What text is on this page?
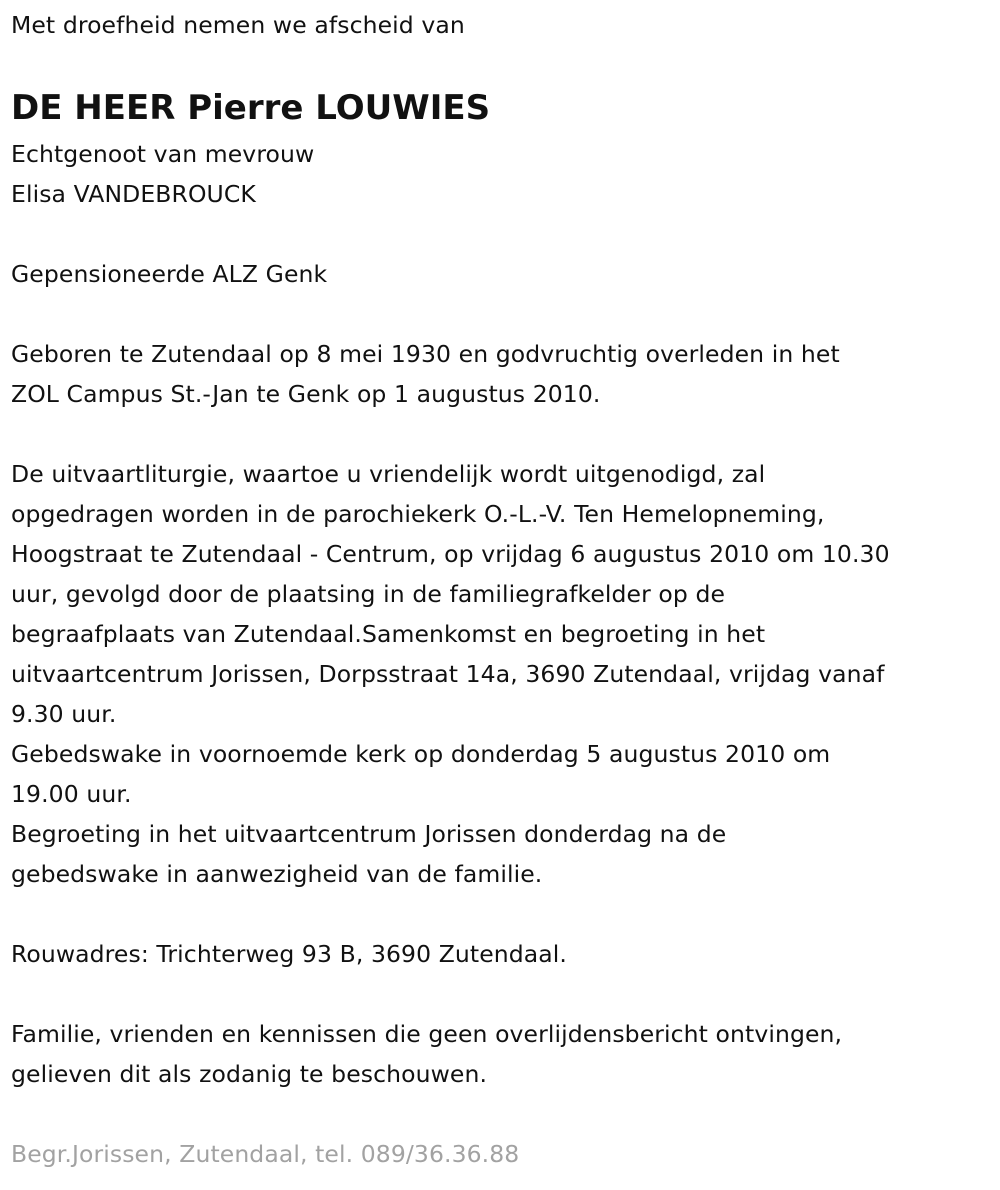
Met droefheid nemen we afscheid van
DE HEER Pierre LOUWIES
Echtgenoot van mevrouw
Elisa VANDEBROUCK
Gepensioneerde ALZ Genk
Geboren te Zutendaal op 8 mei 1930 en godvruchtig overleden in het
ZOL Campus St.-Jan te Genk op 1 augustus 2010.
De uitvaartliturgie, waartoe u vriendelijk wordt uitgenodigd, zal
opgedragen worden in de parochiekerk O.-L.-V. Ten Hemelopneming,
Hoogstraat te Zutendaal - Centrum, op vrijdag 6 augustus 2010 om 10.30
uur, gevolgd door de plaatsing in de familiegrafkelder op de
begraafplaats van Zutendaal.Samenkomst en begroeting in het
uitvaartcentrum Jorissen, Dorpsstraat 14a, 3690 Zutendaal, vrijdag vanaf
9.30 uur.
Gebedswake in voornoemde kerk op donderdag 5 augustus 2010 om
19.00 uur.
Begroeting in het uitvaartcentrum Jorissen donderdag na de
gebedswake in aanwezigheid van de familie.
Rouwadres: Trichterweg 93 B, 3690 Zutendaal.
Familie, vrienden en kennissen die geen overlijdensbericht ontvingen,
gelieven dit als zodanig te beschouwen.
Begr.Jorissen, Zutendaal, tel. 089/36.36.88
